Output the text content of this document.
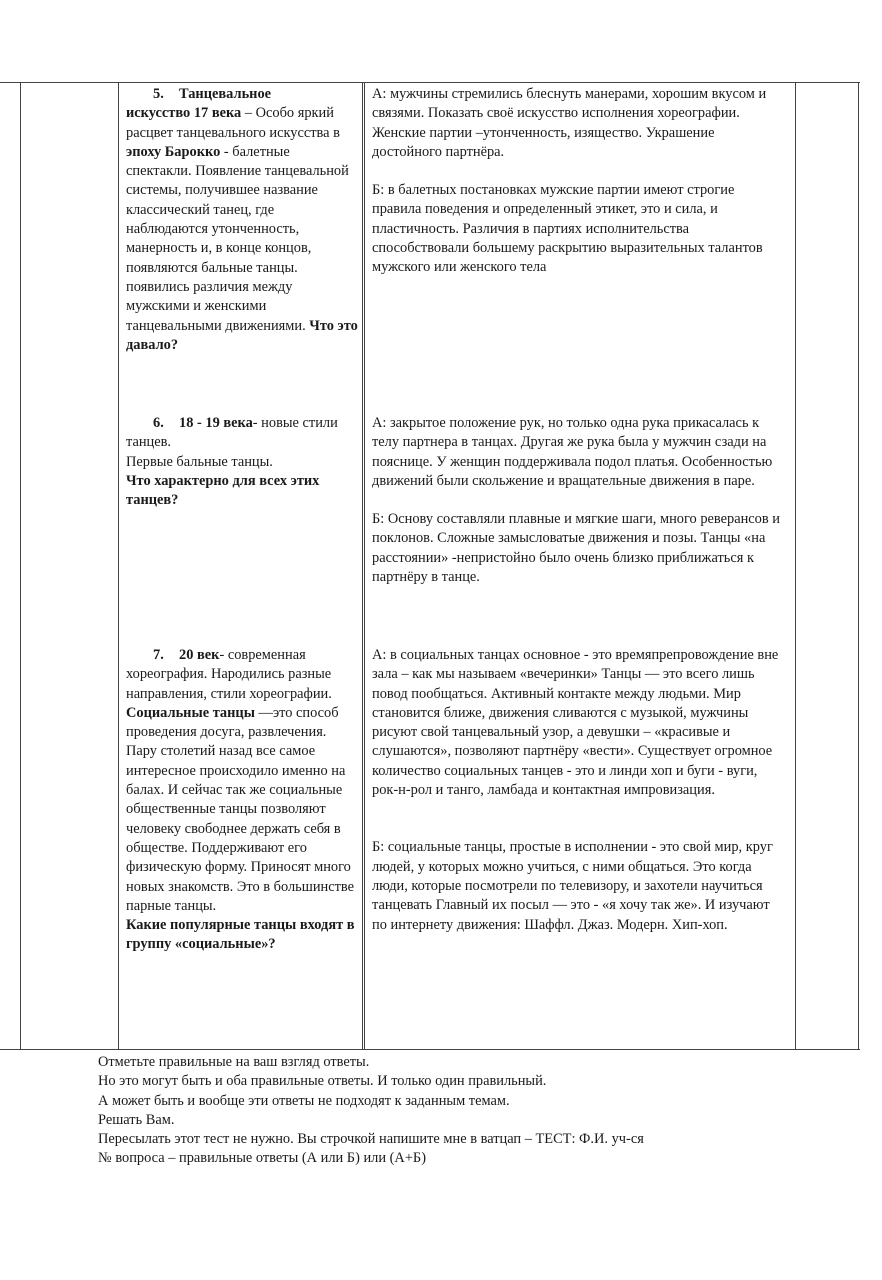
5. Танцевальное
искусство 17 века – Особо яркий расцвет танцевального искусства в эпоху Барокко - балетные спектакли. Появление танцевальной системы, получившее название классический танец, где наблюдаются утонченность, манерность и, в конце концов, появляются бальные танцы. появились различия между мужскими и женскими танцевальными движениями. Что это давало?

А: мужчины стремились блеснуть манерами, хорошим вкусом и связями. Показать своё искусство исполнения хореографии. Женские партии –утонченность, изящество. Украшение достойного партнёра.

Б: в балетных постановках мужские партии имеют строгие правила поведения и определенный этикет, это и сила, и пластичность. Различия в партиях исполнительства способствовали большему раскрытию выразительных талантов мужского или женского тела

6. 18 - 19 века- новые стили танцев.
Первые бальные танцы.
Что характерно для всех этих танцев?

А: закрытое положение рук, но только одна рука прикасалась к телу партнера в танцах. Другая же рука была у мужчин сзади на пояснице. У женщин поддерживала подол платья. Особенностью движений были скольжение и вращательные движения в паре.

Б: Основу составляли плавные и мягкие шаги, много реверансов и поклонов. Сложные замысловатые движения и позы. Танцы «на расстоянии» -непристойно было очень близко приближаться к партнёру в танце.

7. 20 век- современная хореография. Народились разные направления, стили хореографии.
Социальные танцы —это способ проведения досуга, развлечения. Пару столетий назад все самое интересное происходило именно на балах. И сейчас так же социальные общественные танцы позволяют человеку свободнее держать себя в обществе. Поддерживают его физическую форму. Приносят много новых знакомств. Это в большинстве парные танцы.
Какие популярные танцы входят в группу «социальные»?

А: в социальных танцах основное - это времяпрепровождение вне зала – как мы называем «вечеринки» Танцы — это всего лишь повод пообщаться. Активный контакте между людьми. Мир становится ближе, движения сливаются с музыкой, мужчины рисуют свой танцевальный узор, а девушки – «красивые и слушаются», позволяют партнёру «вести». Существует огромное количество социальных танцев - это и линди хоп и буги - вуги, рок-н-рол и танго, ламбада и контактная импровизация.

Б: социальные танцы, простые в исполнении - это свой мир, круг людей, у которых можно учиться, с ними общаться. Это когда люди, которые посмотрели по телевизору, и захотели научиться танцевать Главный их посыл — это - «я хочу так же». И изучают по интернету движения: Шаффл. Джаз. Модерн. Хип-хоп.

Отметьте правильные на ваш взгляд ответы.
Но это могут быть и оба правильные ответы. И только один правильный.
А может быть и вообще эти ответы не подходят к заданным темам.
Решать Вам.
Пересылать этот тест не нужно. Вы строчкой напишите мне в ватцап – ТЕСТ: Ф.И. уч-ся
№ вопроса – правильные ответы (А или Б) или (А+Б)
